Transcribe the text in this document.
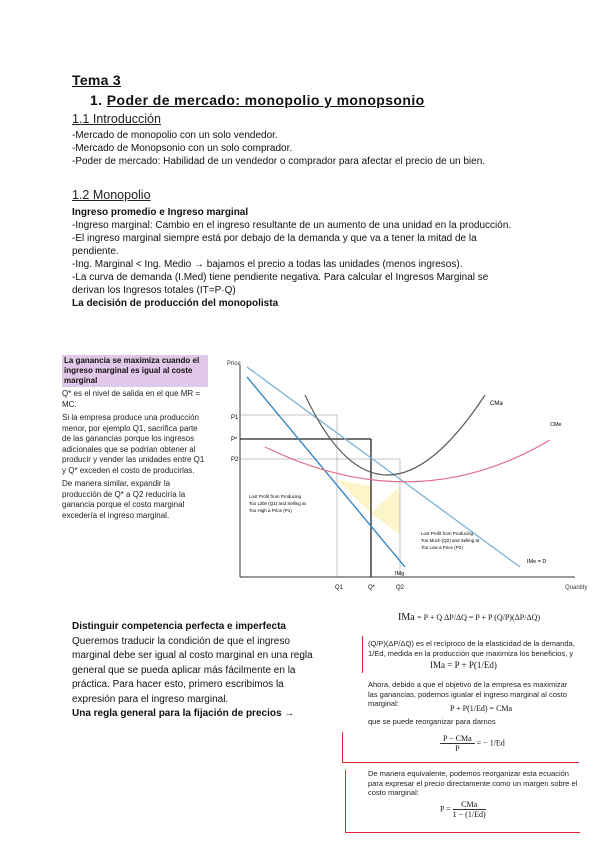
Tema 3
1. Poder de mercado: monopolio y monopsonio
1.1 Introducción
-Mercado de monopolio con un solo vendedor.
-Mercado de Monopsonio con un solo comprador.
-Poder de mercado: Habilidad de un vendedor o comprador para afectar el precio de un bien.
1.2 Monopolio
Ingreso promedio e Ingreso marginal
-Ingreso marginal: Cambio en el ingreso resultante de un aumento de una unidad en la producción.
-El ingreso marginal siempre está por debajo de la demanda y que va a tener la mitad de la pendiente.
-Ing. Marginal < Ing. Medio → bajamos el precio a todas las unidades (menos ingresos).
-La curva de demanda (I.Med) tiene pendiente negativa. Para calcular el Ingresos Marginal se derivan los Ingresos totales (IT=P·Q)
La decisión de producción del monopolista
La ganancia se maximiza cuando el ingreso marginal es igual al coste marginal
Q* es el nivel de salida en el que MR = MC.
Si la empresa produce una producción menor, por ejemplo Q1, sacrifica parte de las ganancias porque los ingresos adicionales que se podrían obtener al producir y vender las unidades entre Q1 y Q* exceden el costo de producirlas.
De manera similar, expandir la producción de Q* a Q2 reduciría la ganancia porque el costo marginal excedería el ingreso marginal.
Price
Quantity
P1
P*
P2
Q1	Q*	Q2
CMa
CMe
IMe = D
IMg
Lost Profit from Producing
Too Little (Q1) and Selling at
Too High a Price (P1)
Lost Profit from Producing
Too Much (Q2) and Selling at
Too Low a Price (P2)
Distinguir competencia perfecta e imperfecta
Queremos traducir la condición de que el ingreso marginal debe ser igual al costo marginal en una regla general que se pueda aplicar más fácilmente en la práctica. Para hacer esto, primero escribimos la expresión para el ingreso marginal.
Una regla general para la fijación de precios →
IMa = P + Q ΔP/ΔQ = P + P (Q/P)(ΔP/ΔQ)
(Q/P)(ΔP/ΔQ) es el recíproco de la elasticidad de la demanda, 1/Ed, medida en la producción que maximiza los beneficios, y
IMa = P + P(1/Ed)
Ahora, debido a que el objetivo de la empresa es maximizar las ganancias, podemos igualar el ingreso marginal al costo marginal:
P + P(1/Ed) = CMa
que se puede reorganizar para darnos
P − CMa
P
= − 1/Ed
De manera equivalente, podemos reorganizar esta ecuación para expresar el precio directamente como un margen sobre el costo marginal:
P =	CMa
1 − (1/Ed)
